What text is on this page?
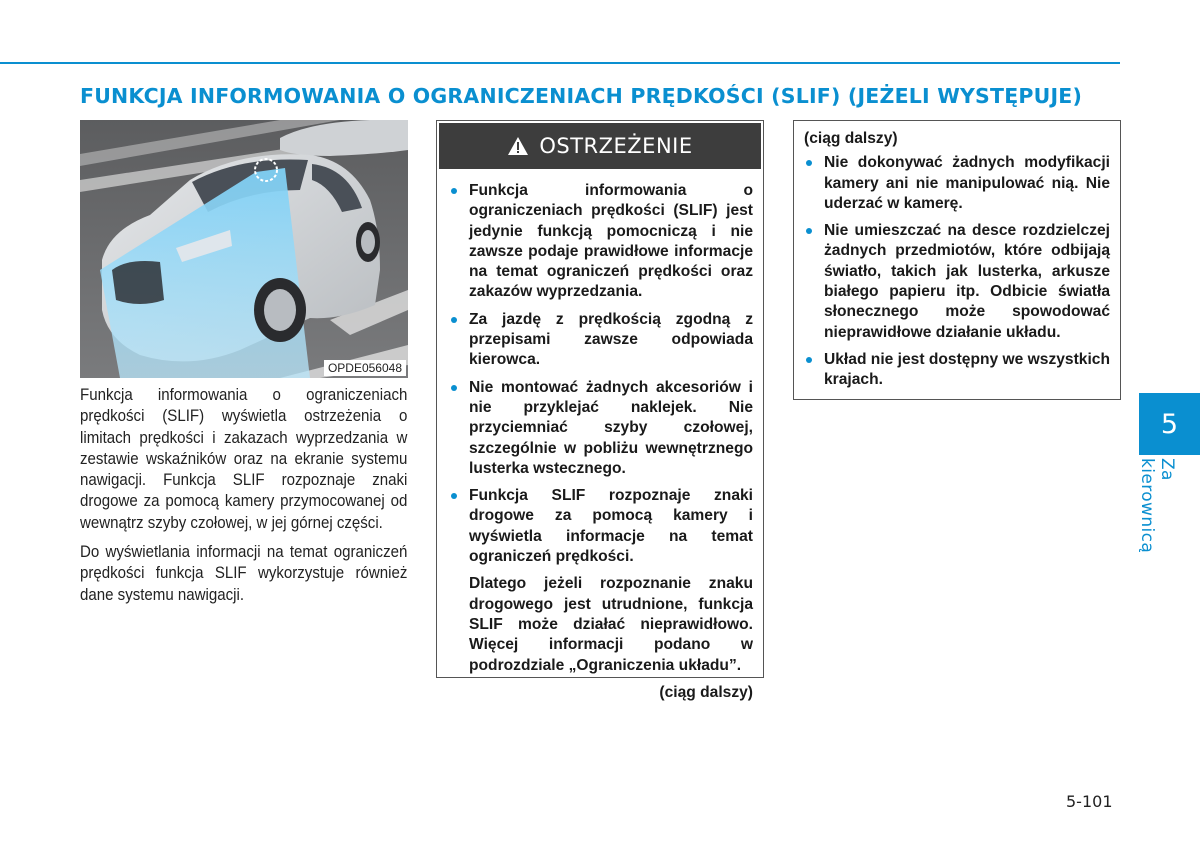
FUNKCJA INFORMOWANIA O OGRANICZENIACH PRĘDKOŚCI (SLIF) (JEŻELI WYSTĘPUJE)
OPDE056048

Funkcja informowania o ograniczeniach prędkości (SLIF) wyświetla ostrzeżenia o limitach prędkości i zakazach wyprzedzania w zestawie wskaźników oraz na ekranie systemu nawigacji. Funkcja SLIF rozpoznaje znaki drogowe za pomocą kamery przymocowanej od wewnątrz szyby czołowej, w jej górnej części.

Do wyświetlania informacji na temat ograniczeń prędkości funkcja SLIF wykorzystuje również dane systemu nawigacji.

OSTRZEŻENIE
Funkcja informowania o ograniczeniach prędkości (SLIF) jest jedynie funkcją pomocniczą i nie zawsze podaje prawidłowe informacje na temat ograniczeń prędkości oraz zakazów wyprzedzania.
Za jazdę z prędkością zgodną z przepisami zawsze odpowiada kierowca.
Nie montować żadnych akcesoriów i nie przyklejać naklejek. Nie przyciemniać szyby czołowej, szczególnie w pobliżu wewnętrznego lusterka wstecznego.
Funkcja SLIF rozpoznaje znaki drogowe za pomocą kamery i wyświetla informacje na temat ograniczeń prędkości.

Dlatego jeżeli rozpoznanie znaku drogowego jest utrudnione, funkcja SLIF może działać nieprawidłowo. Więcej informacji podano w podrozdziale „Ograniczenia układu”.

(ciąg dalszy)

(ciąg dalszy)

Nie dokonywać żadnych modyfikacji kamery ani nie manipulować nią. Nie uderzać w kamerę.
Nie umieszczać na desce rozdzielczej żadnych przedmiotów, które odbijają światło, takich jak lusterka, arkusze białego papieru itp. Odbicie światła słonecznego może spowodować nieprawidłowe działanie układu.
Układ nie jest dostępny we wszystkich krajach.
5
Za kierownicą
5-101
